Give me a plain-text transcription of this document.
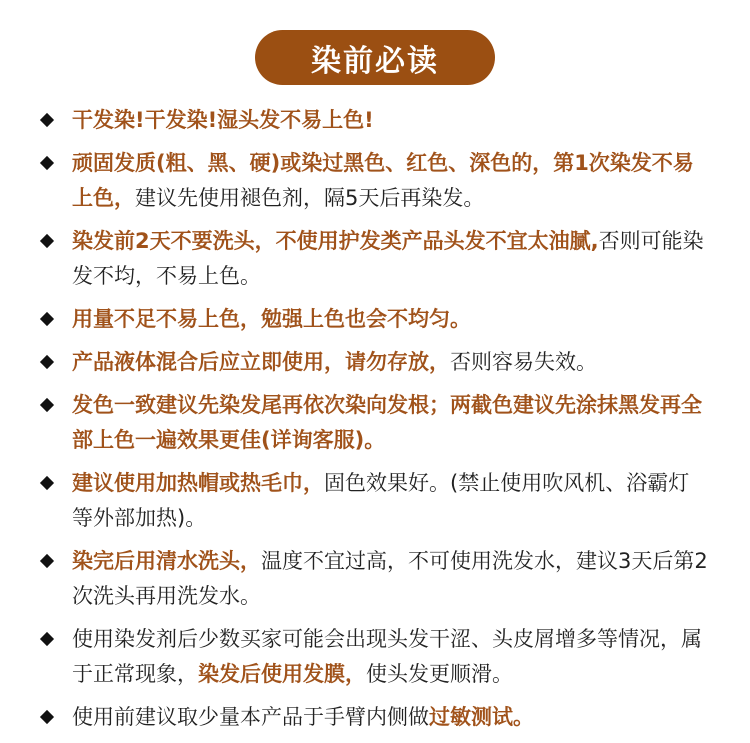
染前必读
干发染!干发染!湿头发不易上色!
顽固发质(粗、黑、硬)或染过黑色、红色、深色的，第1次染发不易上色，建议先使用褪色剂，隔5天后再染发。
染发前2天不要洗头，不使用护发类产品头发不宜太油腻,否则可能染发不均，不易上色。
用量不足不易上色，勉强上色也会不均匀。
产品液体混合后应立即使用，请勿存放，否则容易失效。
发色一致建议先染发尾再依次染向发根；两截色建议先涂抹黑发再全部上色一遍效果更佳(详询客服)。
建议使用加热帽或热毛巾，固色效果好。(禁止使用吹风机、浴霸灯等外部加热)。
染完后用清水洗头，温度不宜过高，不可使用洗发水，建议3天后第2次洗头再用洗发水。
使用染发剂后少数买家可能会出现头发干涩、头皮屑增多等情况，属于正常现象，染发后使用发膜，使头发更顺滑。
使用前建议取少量本产品于手臂内侧做过敏测试。
